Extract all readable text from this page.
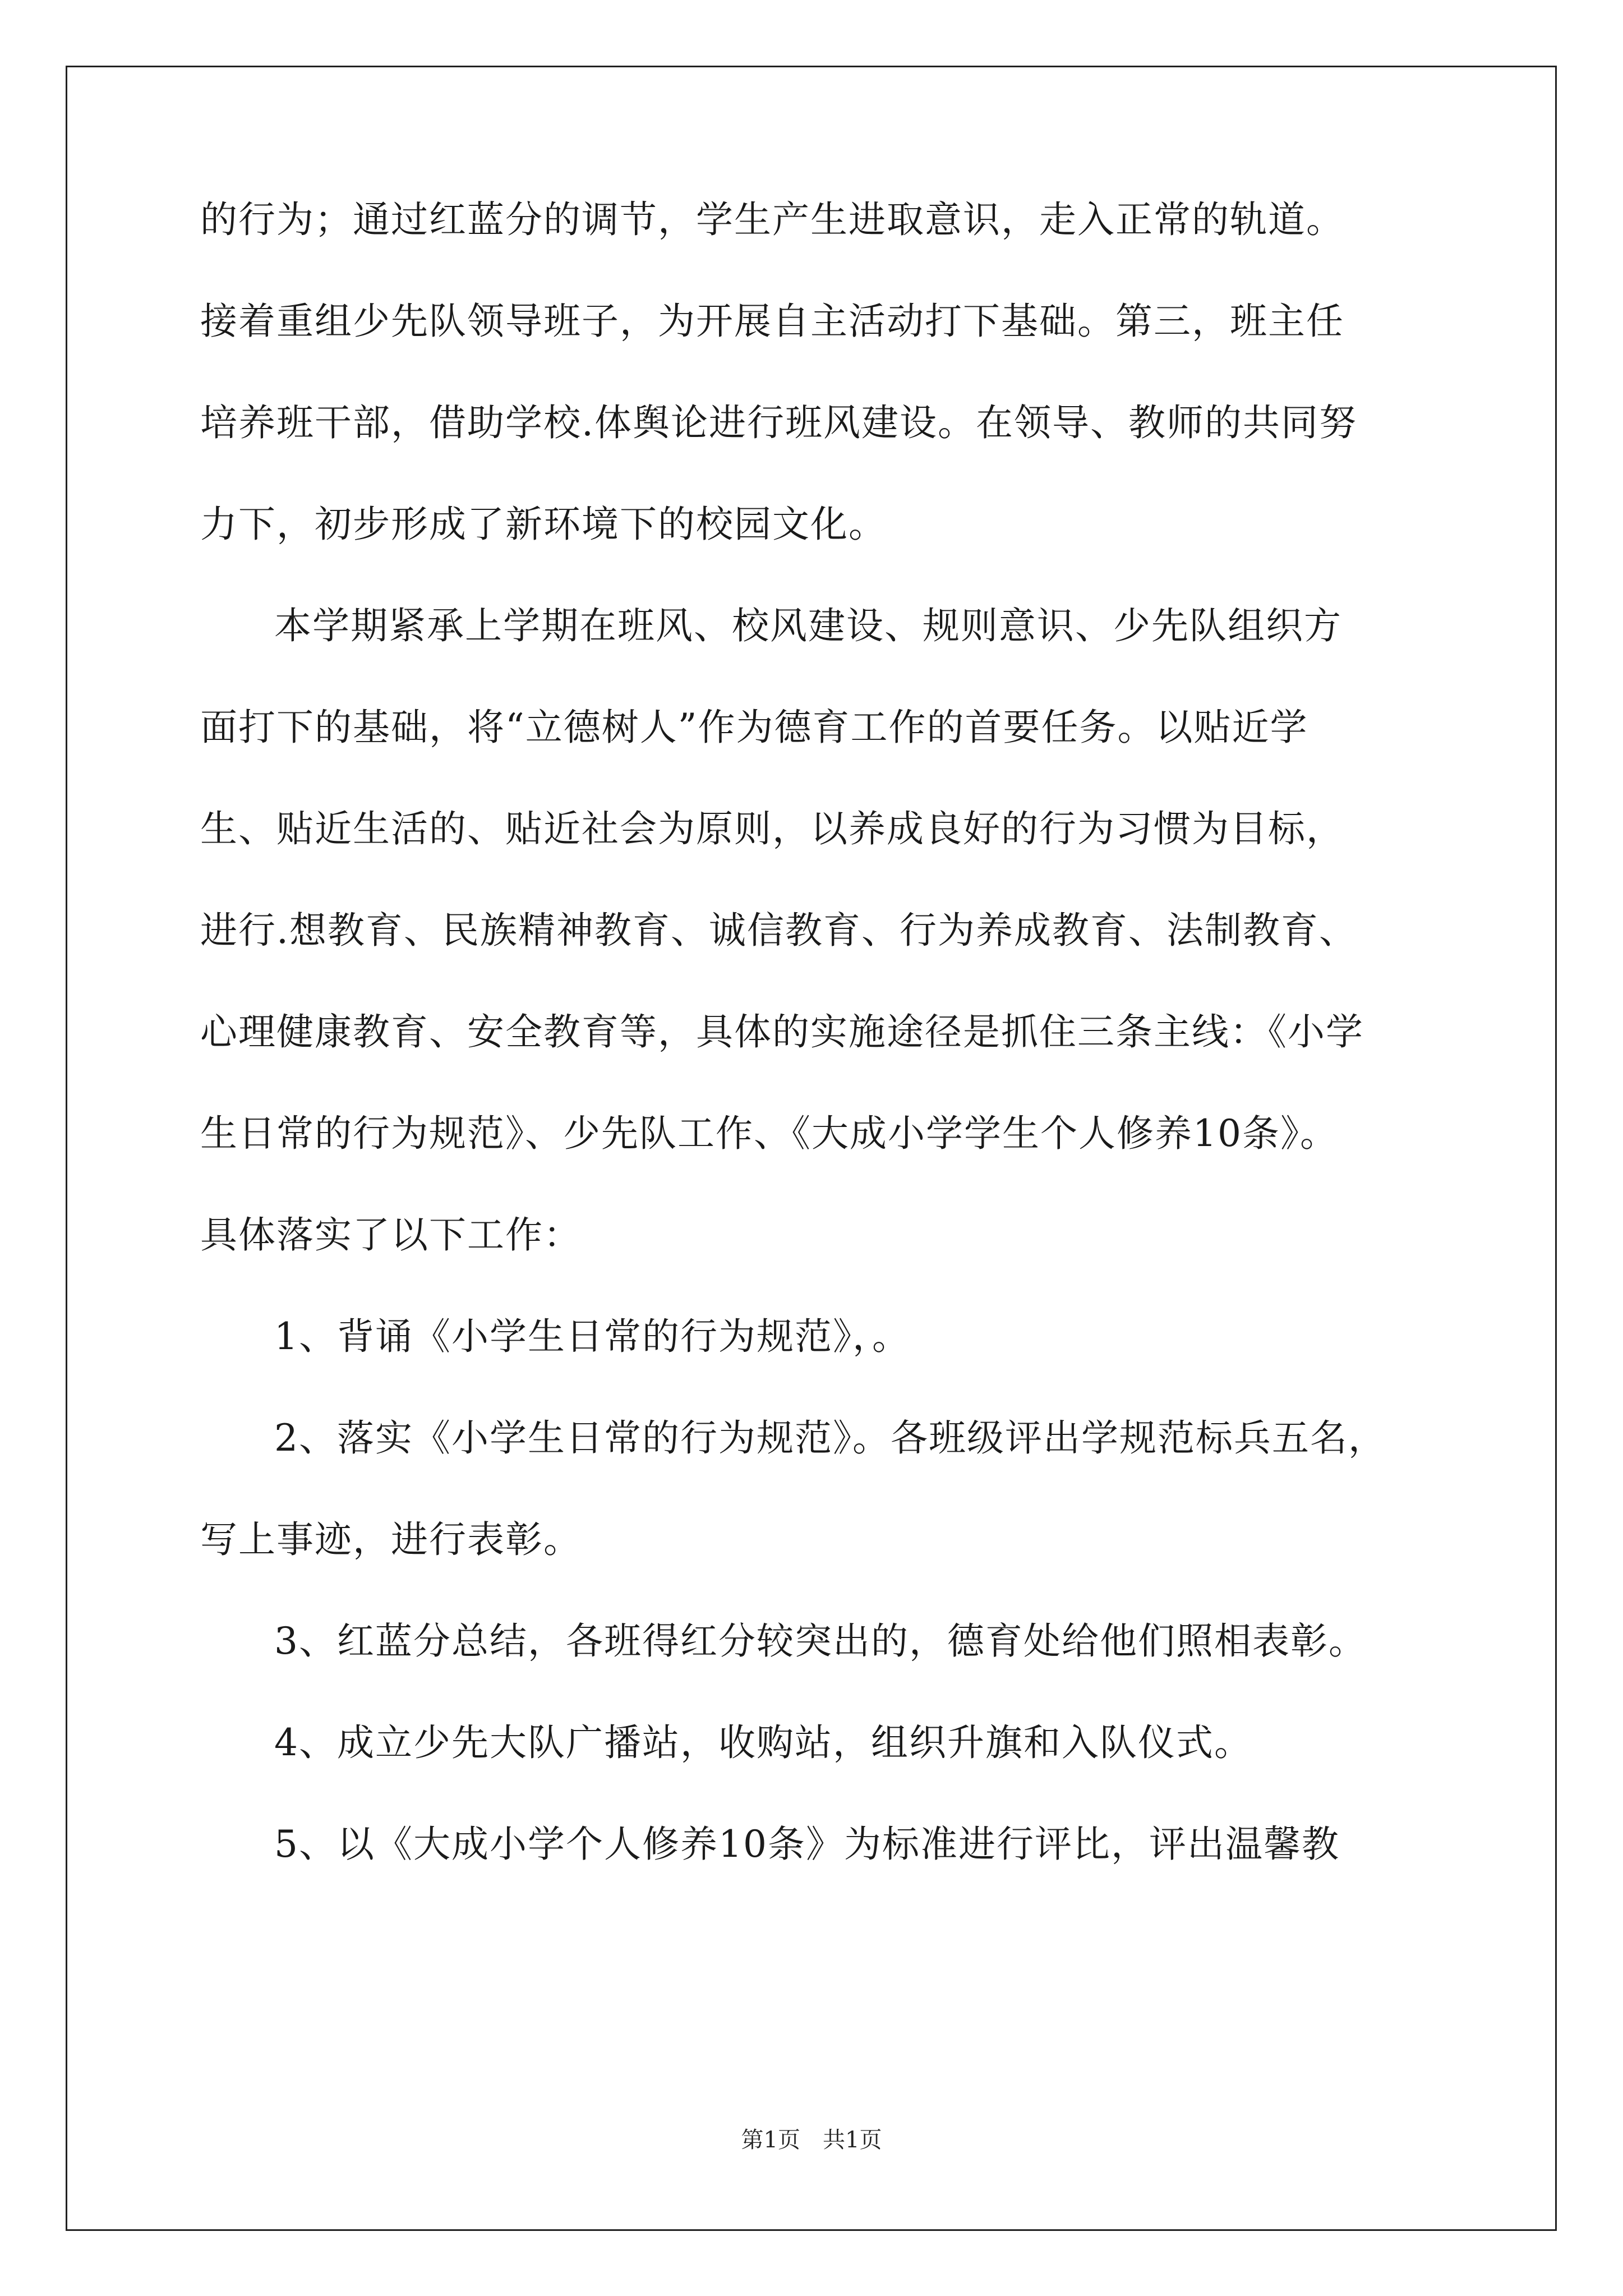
的行为；通过红蓝分的调节，学生产生进取意识，走入正常的轨道。
接着重组少先队领导班子，为开展自主活动打下基础。第三，班主任
培养班干部，借助学校.体舆论进行班风建设。在领导、教师的共同努
力下，初步形成了新环境下的校园文化。
本学期紧承上学期在班风、校风建设、规则意识、少先队组织方
面打下的基础，将“立德树人”作为德育工作的首要任务。以贴近学
生、贴近生活的、贴近社会为原则，以养成良好的行为习惯为目标，
进行.想教育、民族精神教育、诚信教育、行为养成教育、法制教育、
心理健康教育、安全教育等，具体的实施途径是抓住三条主线：《小学
生日常的行为规范》、少先队工作、《大成小学学生个人修养10条》。
具体落实了以下工作：
1、背诵《小学生日常的行为规范》，。
2、落实《小学生日常的行为规范》。各班级评出学规范标兵五名，
写上事迹，进行表彰。
3、红蓝分总结，各班得红分较突出的，德育处给他们照相表彰。
4、成立少先大队广播站，收购站，组织升旗和入队仪式。
5、以《大成小学个人修养10条》为标准进行评比，评出温馨教
第1页　共1页
